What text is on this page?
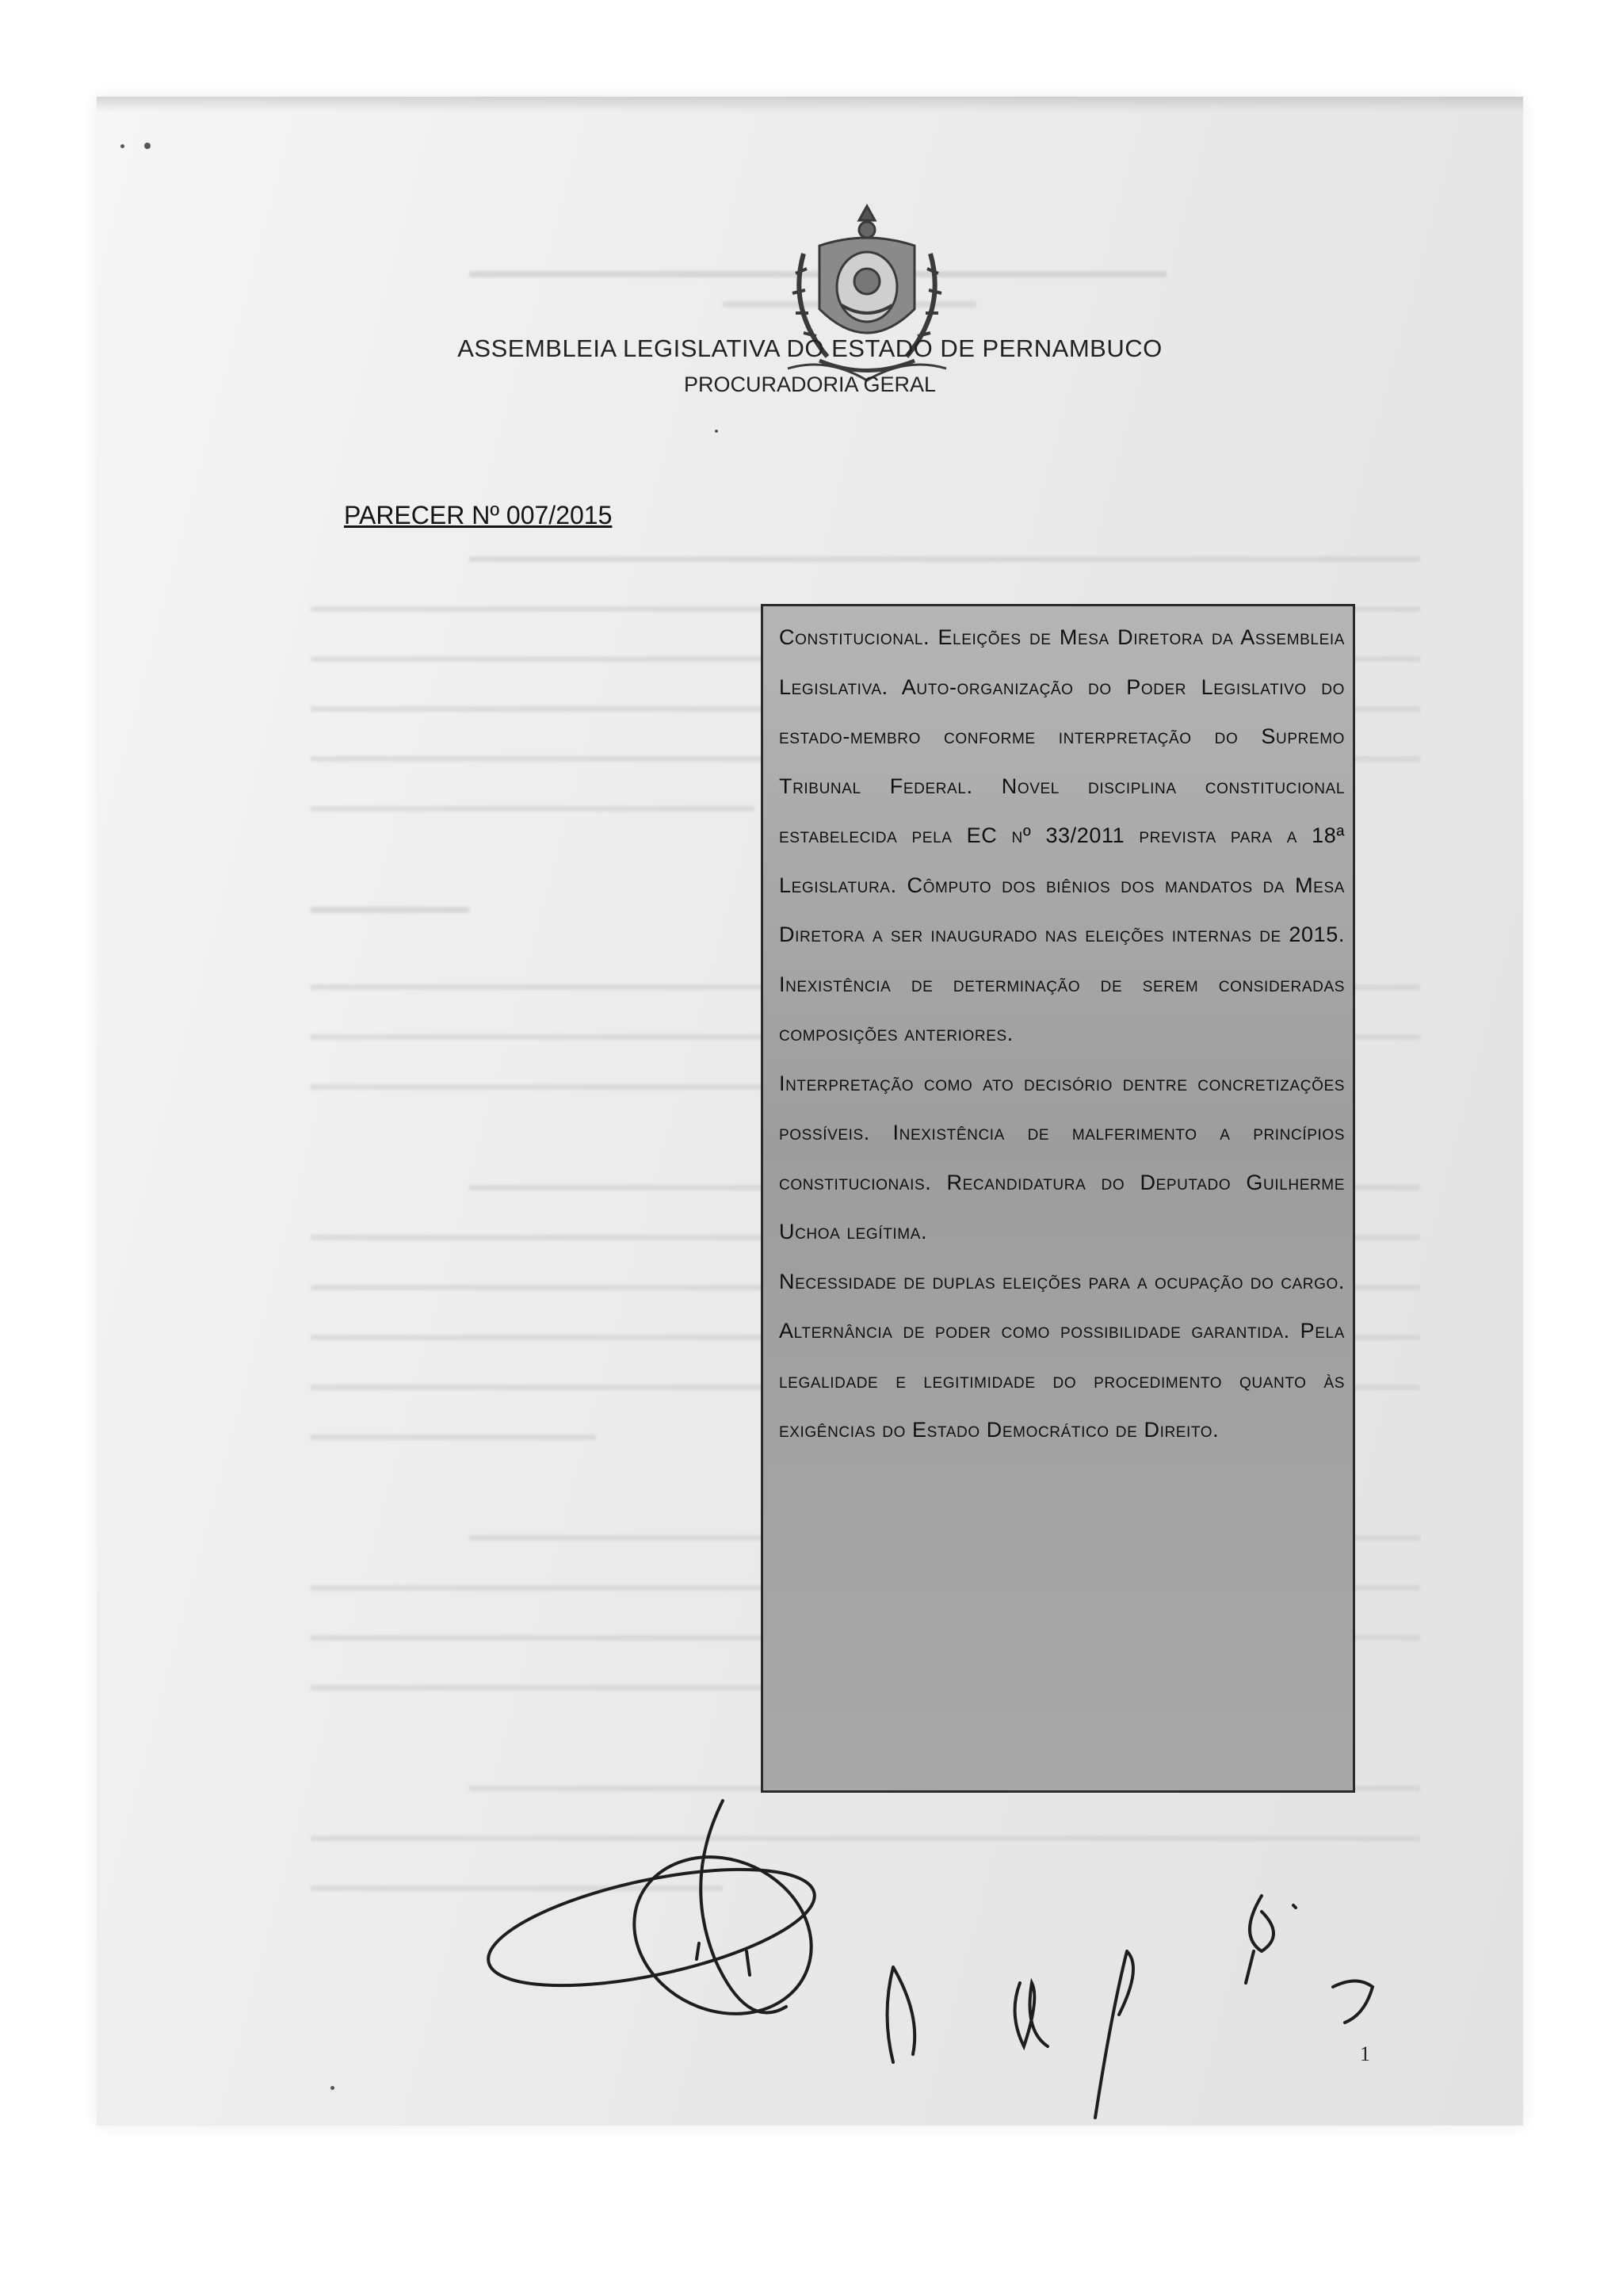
ASSEMBLEIA LEGISLATIVA DO ESTADO DE PERNAMBUCO
PROCURADORIA GERAL
PARECER Nº 007/2015

Constitucional. Eleições de Mesa Diretora da Assembleia Legislativa. Auto-organização do Poder Legislativo do estado-membro conforme interpretação do Supremo Tribunal Federal. Novel disciplina constitucional estabelecida pela EC nº 33/2011 prevista para a 18ª Legislatura. Cômputo dos biênios dos mandatos da Mesa Diretora a ser inaugurado nas eleições internas de 2015. Inexistência de determinação de serem consideradas composições anteriores.

Interpretação como ato decisório dentre concretizações possíveis. Inexistência de malferimento a princípios constitucionais. Recandidatura do Deputado Guilherme Uchoa legítima.

Necessidade de duplas eleições para a ocupação do cargo. Alternância de poder como possibilidade garantida. Pela legalidade e legitimidade do procedimento quanto às exigências do Estado Democrático de Direito.

1
